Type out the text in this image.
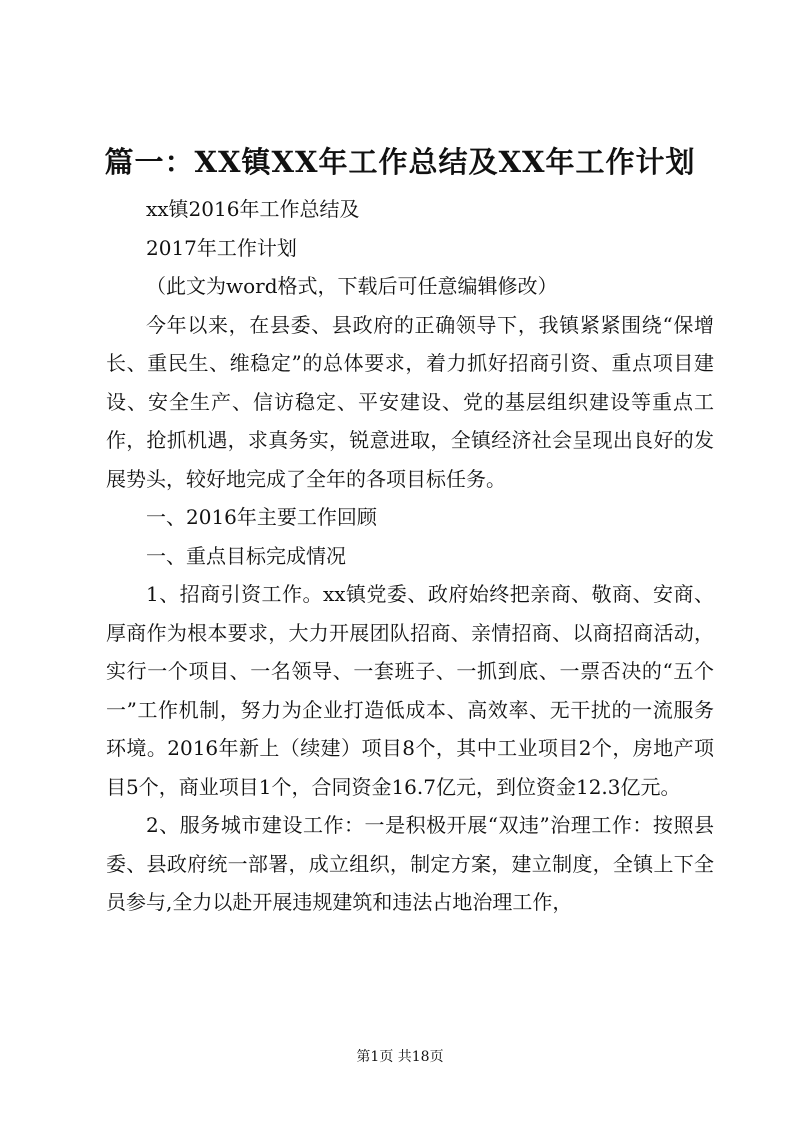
篇一：XX镇XX年工作总结及XX年工作计划

xx镇2016年工作总结及

2017年工作计划

（此文为word格式，下载后可任意编辑修改）

今年以来，在县委、县政府的正确领导下，我镇紧紧围绕“保增长、重民生、维稳定”的总体要求，着力抓好招商引资、重点项目建设、安全生产、信访稳定、平安建设、党的基层组织建设等重点工作，抢抓机遇，求真务实，锐意进取，全镇经济社会呈现出良好的发展势头，较好地完成了全年的各项目标任务。

一、2016年主要工作回顾

一、重点目标完成情况

1、招商引资工作。xx镇党委、政府始终把亲商、敬商、安商、厚商作为根本要求，大力开展团队招商、亲情招商、以商招商活动，实行一个项目、一名领导、一套班子、一抓到底、一票否决的“五个一”工作机制，努力为企业打造低成本、高效率、无干扰的一流服务环境。2016年新上（续建）项目8个，其中工业项目2个，房地产项目5个，商业项目1个，合同资金16.7亿元，到位资金12.3亿元。

2、服务城市建设工作：一是积极开展“双违”治理工作：按照县委、县政府统一部署，成立组织，制定方案，建立制度，全镇上下全员参与,全力以赴开展违规建筑和违法占地治理工作，

第1页 共18页
